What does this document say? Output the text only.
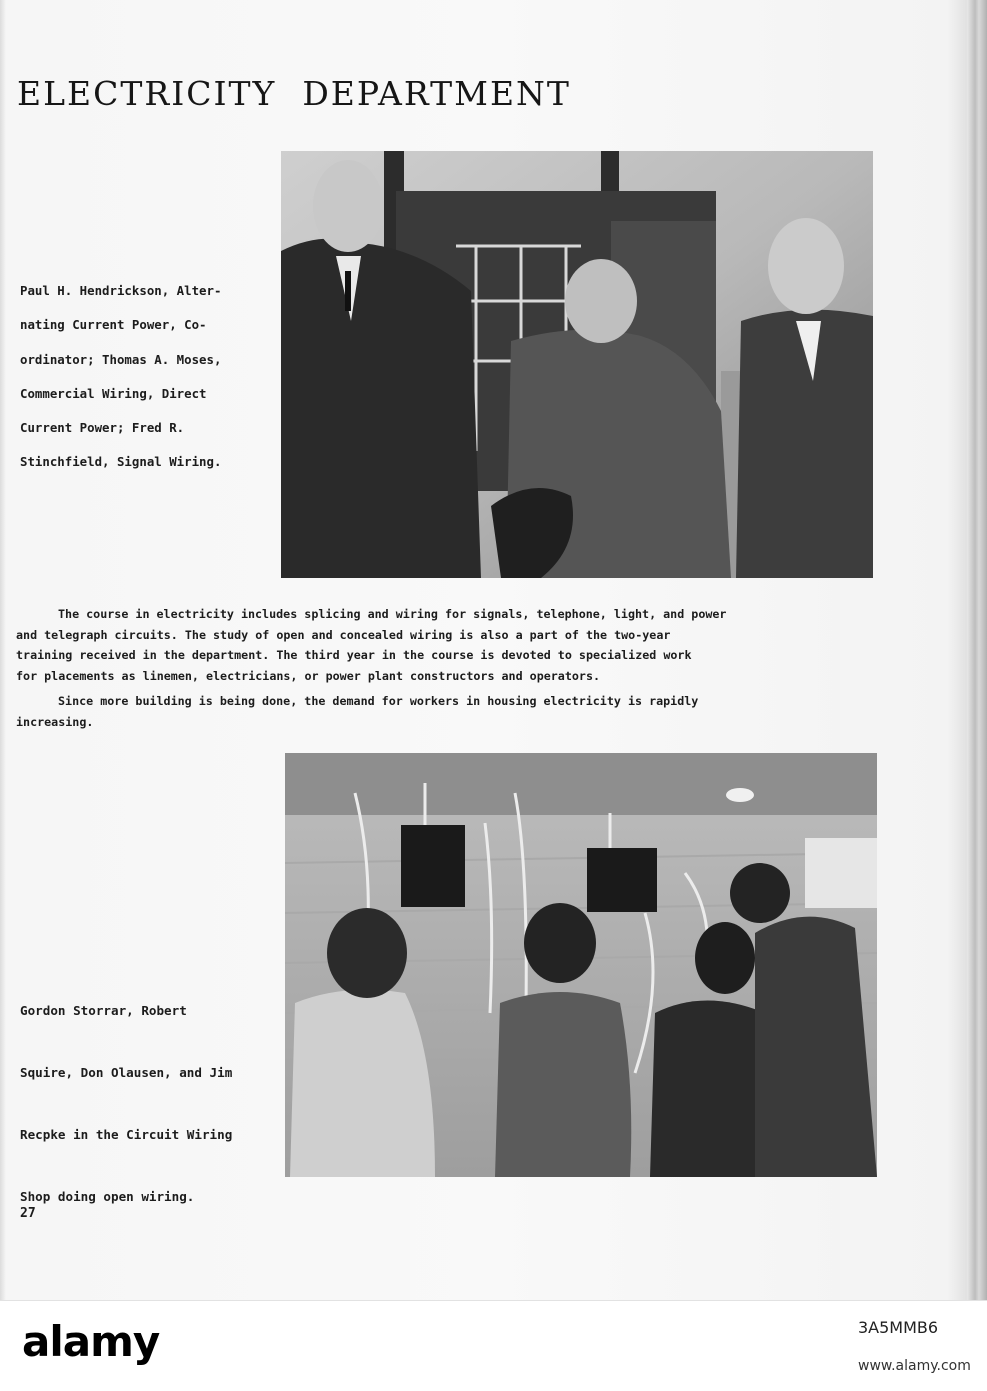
ELECTRICITY DEPARTMENT
Paul H. Hendrickson, Alter-
nating Current Power, Co-
ordinator; Thomas A. Moses,
Commercial Wiring, Direct
Current Power; Fred R.
Stinchfield, Signal Wiring.

The course in electricity includes splicing and wiring for signals, telephone, light, and power
and telegraph circuits. The study of open and concealed wiring is also a part of the two-year
training received in the department. The third year in the course is devoted to specialized work
for placements as linemen, electricians, or power plant constructors and operators.

Since more building is being done, the demand for workers in housing electricity is rapidly
increasing.

Gordon Storrar, Robert
Squire, Don Olausen, and Jim
Recpke in the Circuit Wiring
Shop doing open wiring.
27
alamy	3A5MMB6
www.alamy.com
